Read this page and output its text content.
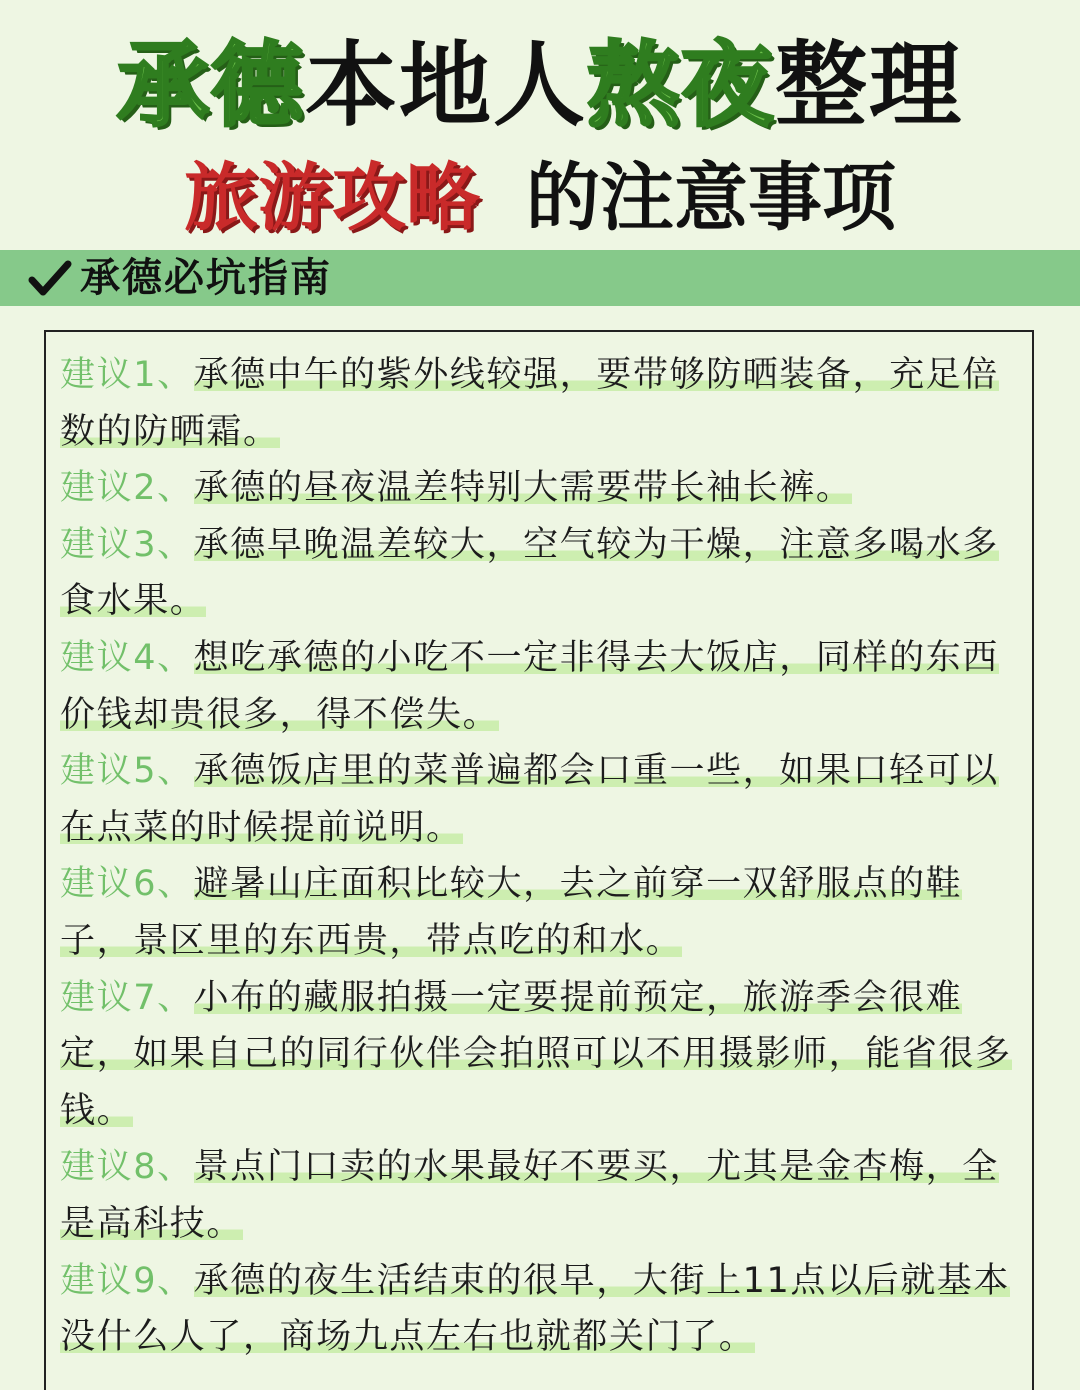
承德本地人熬夜整理
旅游攻略 的注意事项
承德必坑指南

建议1、承德中午的紫外线较强，要带够防晒装备，充足倍数的防晒霜。

建议2、承德的昼夜温差特别大需要带长袖长裤。

建议3、承德早晚温差较大，空气较为干燥，注意多喝水多食水果。

建议4、想吃承德的小吃不一定非得去大饭店，同样的东西价钱却贵很多，得不偿失。

建议5、承德饭店里的菜普遍都会口重一些，如果口轻可以在点菜的时候提前说明。

建议6、避暑山庄面积比较大，去之前穿一双舒服点的鞋子，景区里的东西贵，带点吃的和水。

建议7、小布的藏服拍摄一定要提前预定，旅游季会很难定，如果自己的同行伙伴会拍照可以不用摄影师，能省很多钱。

建议8、景点门口卖的水果最好不要买，尤其是金杏梅，全是高科技。

建议9、承德的夜生活结束的很早，大街上11点以后就基本没什么人了，商场九点左右也就都关门了。
